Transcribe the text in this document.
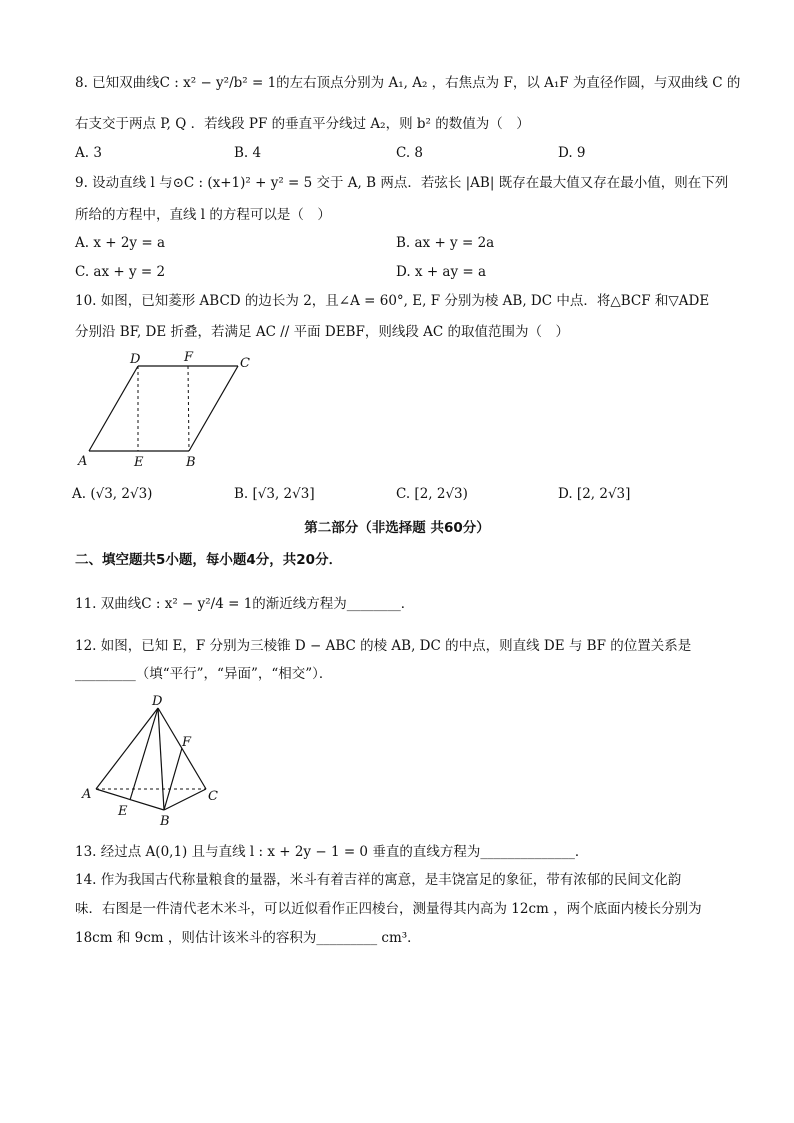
8. 已知双曲线C : x² − y²/b² = 1的左右顶点分别为 A₁, A₂ ，右焦点为 F，以 A₁F 为直径作圆，与双曲线 C 的
右支交于两点 P, Q ．若线段 PF 的垂直平分线过 A₂，则 b² 的数值为（　）
A. 3	B. 4	C. 8	D. 9
9. 设动直线 l 与⊙C : (x+1)² + y² = 5 交于 A, B 两点．若弦长 |AB| 既存在最大值又存在最小值，则在下列
所给的方程中，直线 l 的方程可以是（　）
A. x + 2y = a	B. ax + y = 2a
C. ax + y = 2	D. x + ay = a
10. 如图，已知菱形 ABCD 的边长为 2，且∠A = 60°, E, F 分别为棱 AB, DC 中点．将△BCF 和▽ADE
分别沿 BF, DE 折叠，若满足 AC // 平面 DEBF，则线段 AC 的取值范围为（　）
D	F	C
A	E	B
A. (√3, 2√3)	B. [√3, 2√3]	C. [2, 2√3)	D. [2, 2√3]
第二部分（非选择题 共60分）
二、填空题共5小题，每小题4分，共20分．
11. 双曲线C : x² − y²/4 = 1的渐近线方程为________．
12. 如图，已知 E，F 分别为三棱锥 D − ABC 的棱 AB, DC 的中点，则直线 DE 与 BF 的位置关系是
_________（填“平行”，“异面”，“相交”）．
D
F
A
E
C
B
13. 经过点 A(0,1) 且与直线 l : x + 2y − 1 = 0 垂直的直线方程为______________．
14. 作为我国古代称量粮食的量器，米斗有着吉祥的寓意，是丰饶富足的象征，带有浓郁的民间文化韵
味．右图是一件清代老木米斗，可以近似看作正四棱台，测量得其内高为 12cm ，两个底面内棱长分别为
18cm 和 9cm ，则估计该米斗的容积为_________ cm³．
